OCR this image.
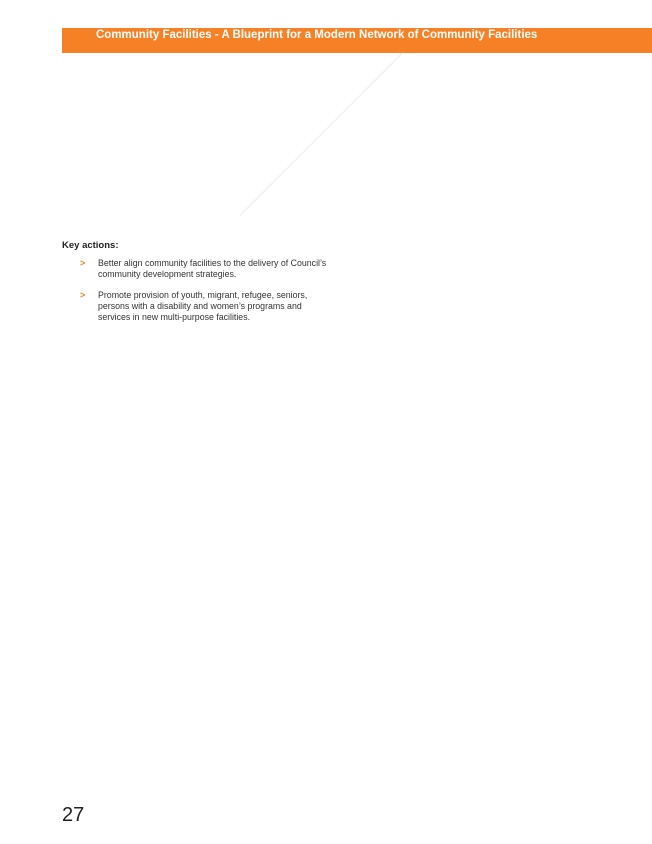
Community Facilities - A Blueprint for a Modern Network of Community Facilities
Key actions:
> Better align community facilities to the delivery of Council’s community development strategies.
> Promote provision of youth, migrant, refugee, seniors, persons with a disability and women’s programs and services in new multi-purpose facilities.
27
